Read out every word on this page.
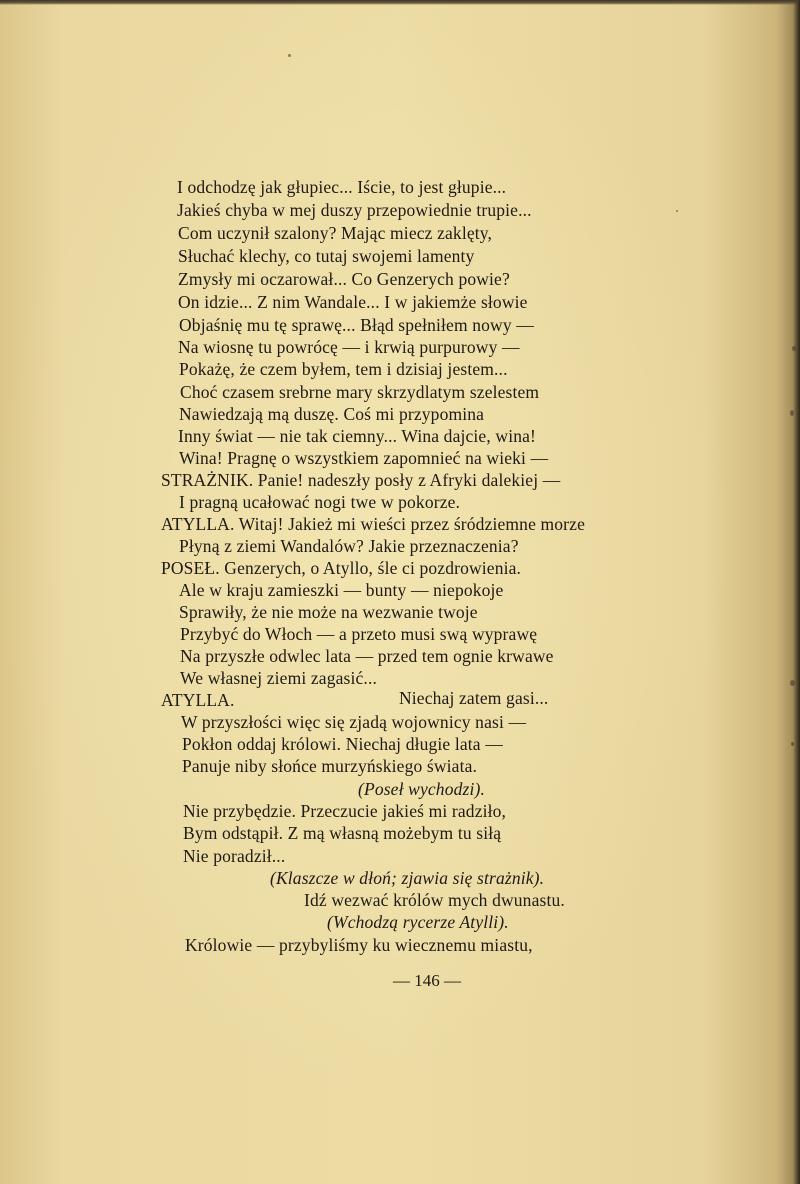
I odchodzę jak głupiec... Iście, to jest głupie...
Jakieś chyba w mej duszy przepowiednie trupie...
Com uczynił szalony? Mając miecz zaklęty,
Słuchać klechy, co tutaj swojemi lamenty
Zmysły mi oczarował... Co Genzerych powie?
On idzie... Z nim Wandale... I w jakiemże słowie
Objaśnię mu tę sprawę... Błąd spełniłem nowy —
Na wiosnę tu powrócę — i krwią purpurowy —
Pokażę, że czem byłem, tem i dzisiaj jestem...
Choć czasem srebrne mary skrzydlatym szelestem
Nawiedzają mą duszę. Coś mi przypomina
Inny świat — nie tak ciemny... Wina dajcie, wina!
Wina! Pragnę o wszystkiem zapomnieć na wieki —
STRAŻNIK. Panie! nadeszły posły z Afryki dalekiej —
I pragną ucałować nogi twe w pokorze.
ATYLLA. Witaj! Jakież mi wieści przez śródziemne morze
Płyną z ziemi Wandalów? Jakie przeznaczenia?
POSEŁ. Genzerych, o Atyllo, śle ci pozdrowienia.
Ale w kraju zamieszki — bunty — niepokoje
Sprawiły, że nie może na wezwanie twoje
Przybyć do Włoch — a przeto musi swą wyprawę
Na przyszłe odwlec lata — przed tem ognie krwawe
We własnej ziemi zagasić...
ATYLLA.	Niechaj zatem gasi...
W przyszłości więc się zjadą wojownicy nasi —
Pokłon oddaj królowi. Niechaj długie lata —
Panuje niby słońce murzyńskiego świata.
(Poseł wychodzi).
Nie przybędzie. Przeczucie jakieś mi radziło,
Bym odstąpił. Z mą własną możebym tu siłą
Nie poradził...
(Klaszcze w dłoń; zjawia się strażnik).
Idź wezwać królów mych dwunastu.
(Wchodzą rycerze Atylli).
Królowie — przybyliśmy ku wiecznemu miastu,
— 146 —
